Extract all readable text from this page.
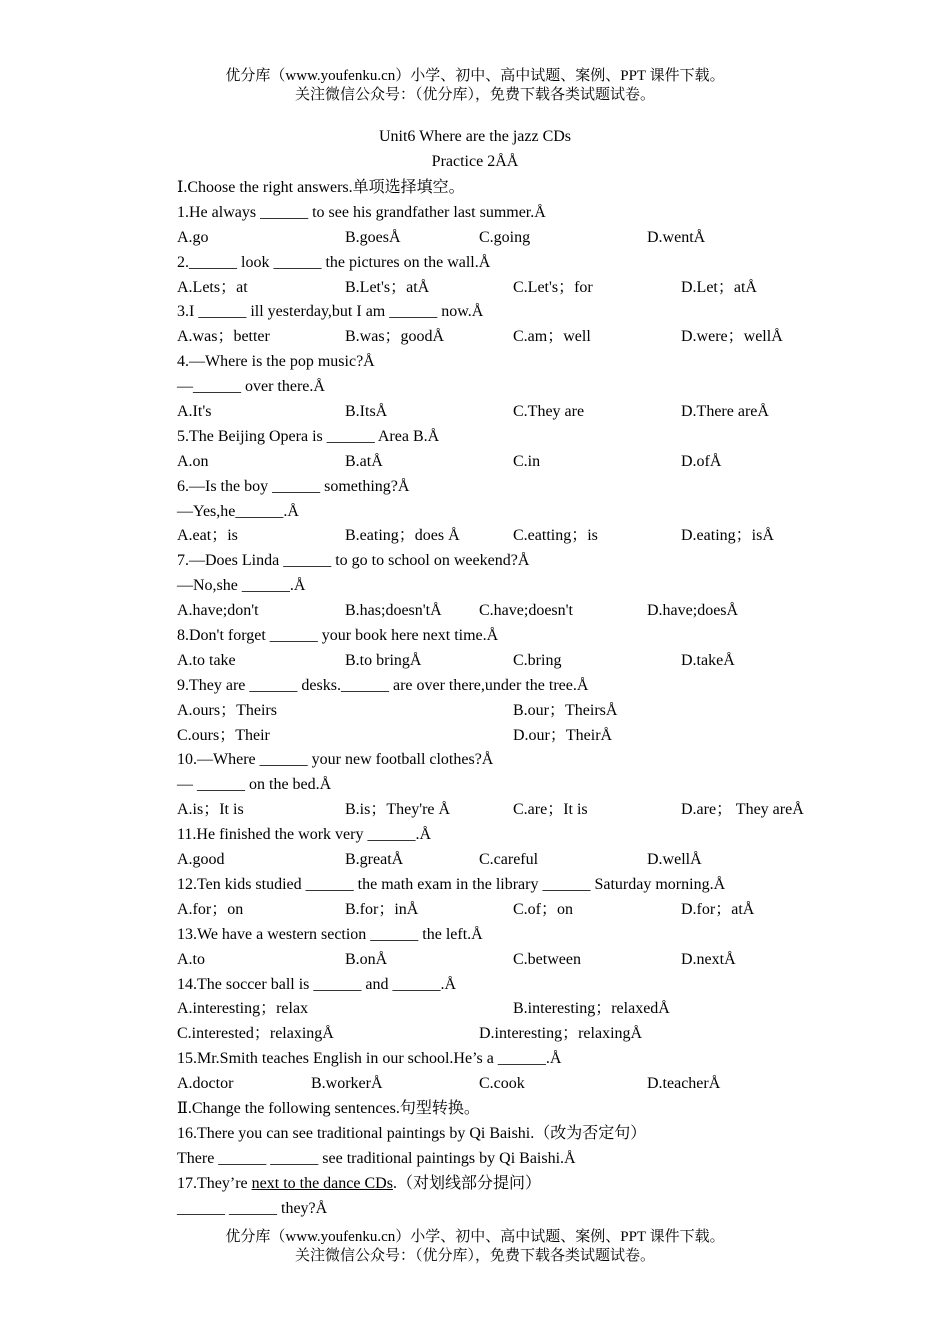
优分库（www.youfenku.cn）小学、初中、高中试题、案例、PPT 课件下载。
关注微信公众号：（优分库），免费下载各类试题试卷。
Unit6 Where are the jazz CDs
Practice 2ÅÅ
Ⅰ.Choose the right answers.单项选择填空。
1.He always ______ to see his grandfather last summer.Å
A.go	B.goesÅ	C.going	D.wentÅ
2.______ look ______ the pictures on the wall.Å
A.Lets；at	B.Let's；atÅ	C.Let's；for	D.Let；atÅ
3.I ______ ill yesterday,but I am ______ now.Å
A.was；better	B.was；goodÅ	C.am；well	D.were；wellÅ
4.—Where is the pop music?Å
—______ over there.Å
A.It's	B.ItsÅ	C.They are	D.There areÅ
5.The Beijing Opera is ______ Area B.Å
A.on	B.atÅ	C.in	D.ofÅ
6.—Is the boy ______ something?Å
—Yes,he______.Å
A.eat；is	B.eating；does Å	C.eatting；is	D.eating；isÅ
7.—Does Linda ______ to go to school on weekend?Å
—No,she ______.Å
A.have;don't	B.has;doesn'tÅ C.have;doesn't	D.have;doesÅ
8.Don't forget ______ your book here next time.Å
A.to take	B.to bringÅ	C.bring	D.takeÅ
9.They are ______ desks.______ are over there,under the tree.Å
A.ours；Theirs	B.our；TheirsÅ
C.ours；Their	D.our；TheirÅ
10.—Where ______ your new football clothes?Å
— ______ on the bed.Å
A.is；It is	B.is；They're Å	C.are；It is	D.are； They areÅ
11.He finished the work very ______.Å
A.good	B.greatÅ	C.careful	D.wellÅ
12.Ten kids studied ______ the math exam in the library ______ Saturday morning.Å
A.for；on	B.for；inÅ	C.of；on	D.for；atÅ
13.We have a western section ______ the left.Å
A.to	B.onÅ	C.between	D.nextÅ
14.The soccer ball is ______ and ______.Å
A.interesting；relax	B.interesting；relaxedÅ
C.interested；relaxingÅ	D.interesting；relaxingÅ
15.Mr.Smith teaches English in our school.He’s a ______.Å
A.doctor	B.workerÅ	C.cook	D.teacherÅ
Ⅱ.Change the following sentences.句型转换。
16.There you can see traditional paintings by Qi Baishi.（改为否定句）
There ______ ______ see traditional paintings by Qi Baishi.Å
17.They’re next to the dance CDs.（对划线部分提问）
______ ______ they?Å
优分库（www.youfenku.cn）小学、初中、高中试题、案例、PPT 课件下载。
关注微信公众号：（优分库），免费下载各类试题试卷。
